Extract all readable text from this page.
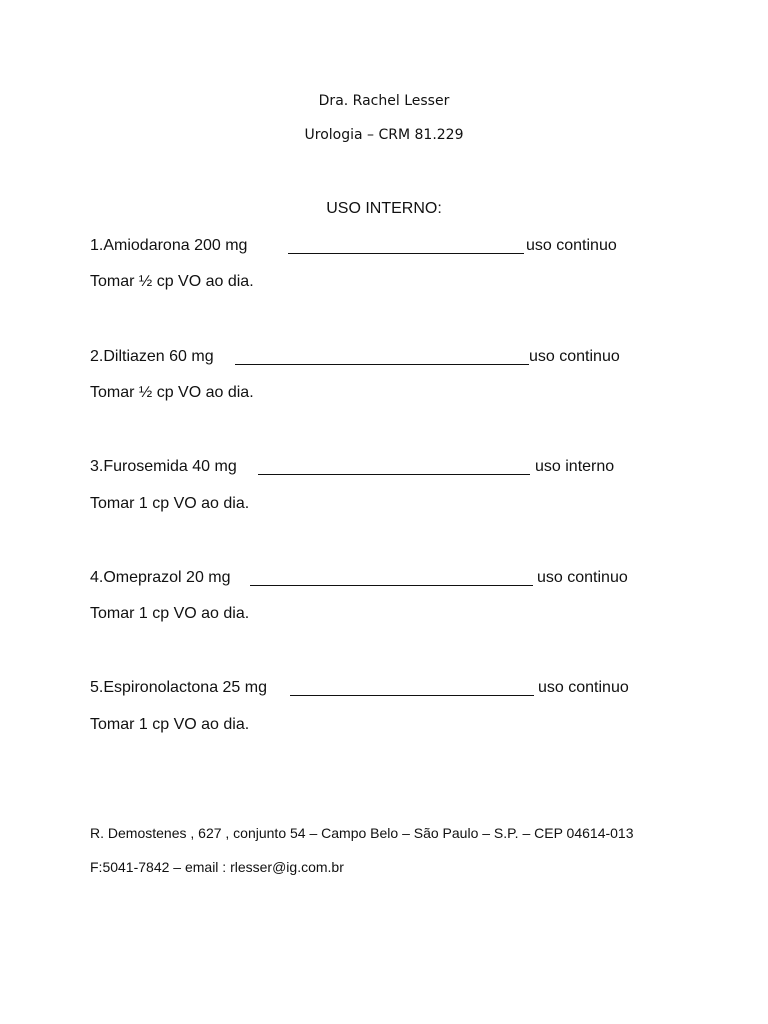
Dra. Rachel Lesser
Urologia – CRM 81.229
USO INTERNO:
1.Amiodarona 200 mg	uso continuo
Tomar ½ cp VO ao dia.
2.Diltiazen 60 mg	uso continuo
Tomar ½ cp VO ao dia.
3.Furosemida 40 mg	uso interno
Tomar 1 cp VO ao dia.
4.Omeprazol 20 mg	uso continuo
Tomar 1 cp VO ao dia.
5.Espironolactona 25 mg	uso continuo
Tomar 1 cp VO ao dia.
R. Demostenes , 627 , conjunto 54 – Campo Belo – São Paulo – S.P. – CEP 04614-013
F:5041-7842 – email : rlesser@ig.com.br
